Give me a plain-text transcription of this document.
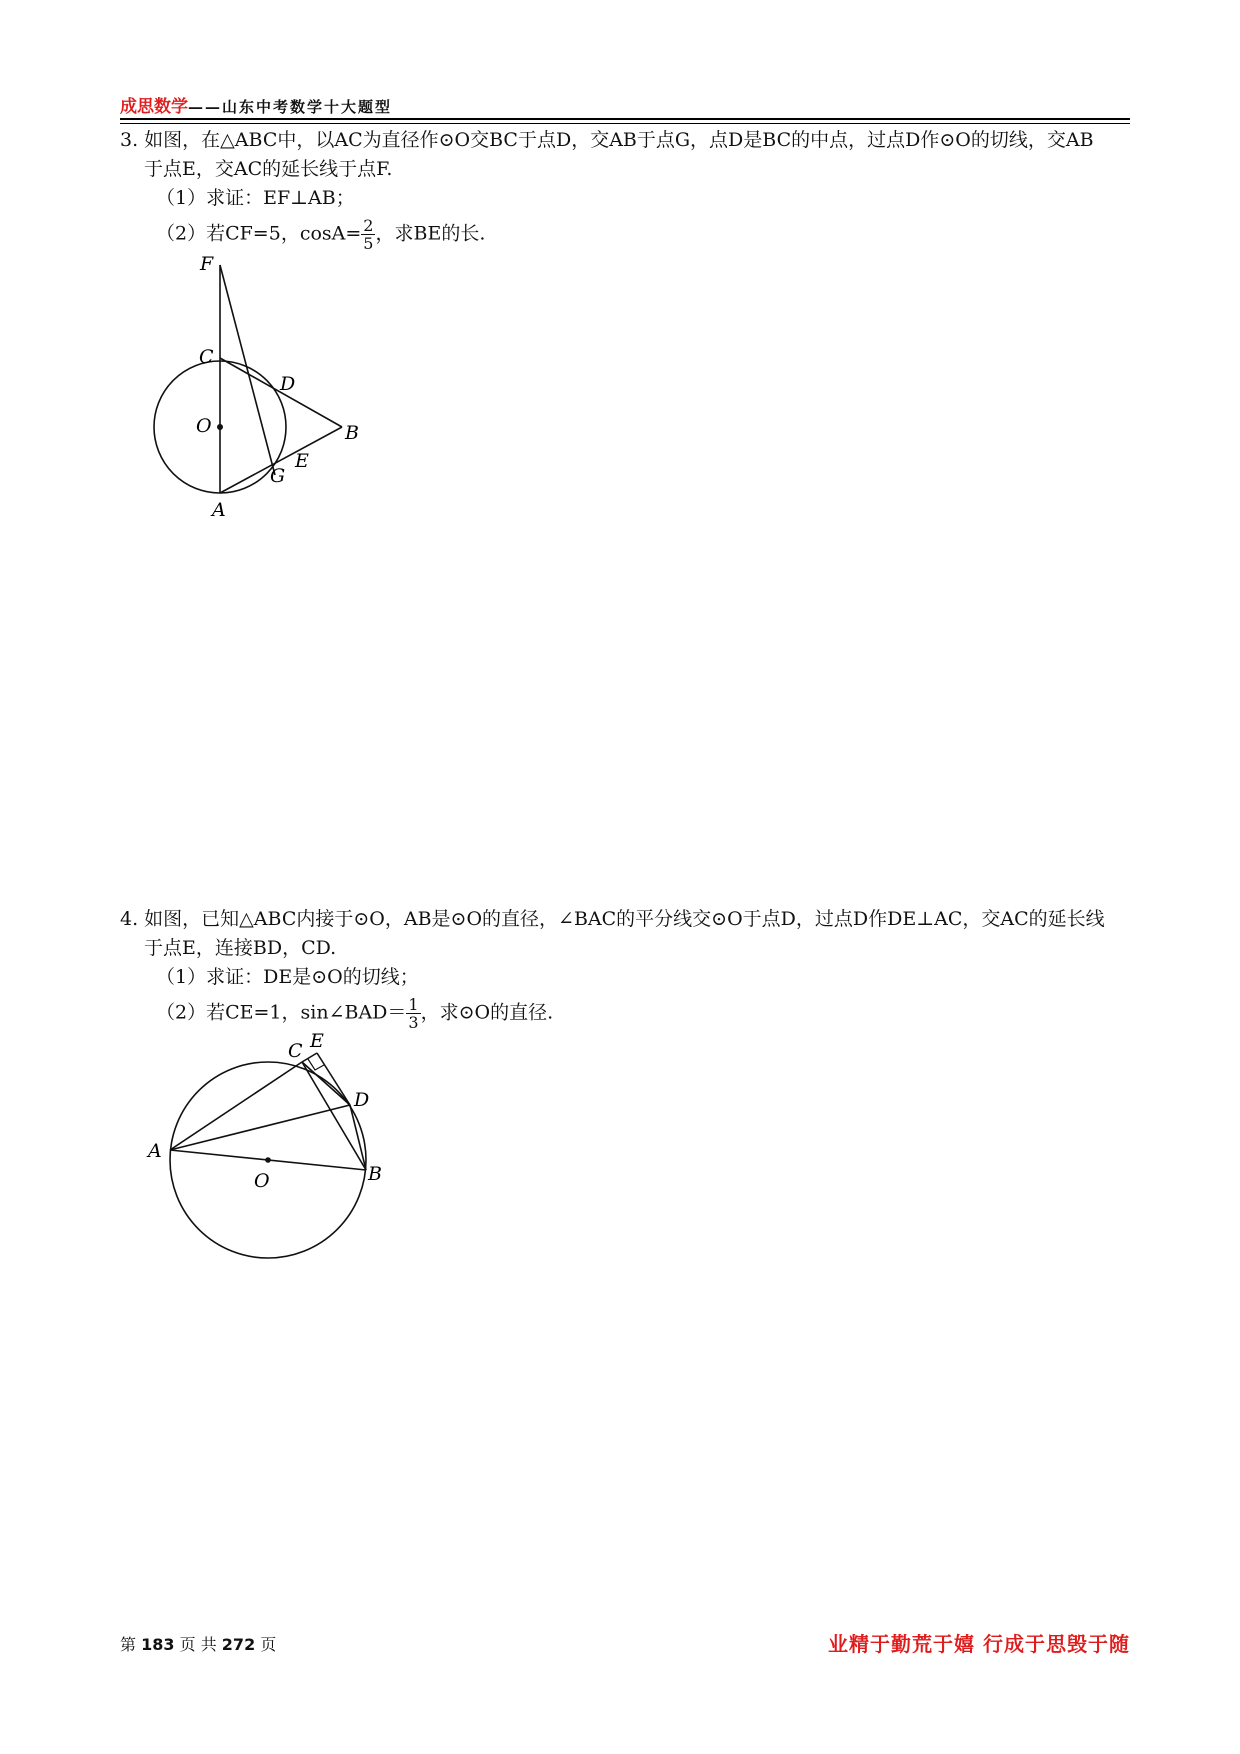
成思数学——山东中考数学十大题型

3. 如图，在△ABC中，以AC为直径作⊙O交BC于点D，交AB于点G，点D是BC的中点，过点D作⊙O的切线，交AB

于点E，交AC的延长线于点F.

（1）求证：EF⊥AB；

（2）若CF=5，$\cos A= \frac{2}{5}$ ，求BE的长.

F
C
D
O	B
E
G
A

4. 如图，已知△ABC内接于⊙O，AB是⊙O的直径，∠BAC的平分线交⊙O于点D，过点D作DE⊥AC，交AC的延长线

于点E，连接BD，CD.

（1）求证：DE是⊙O的切线；

（2）若CE=1，sin∠BAD＝ $\frac{1}{3}$ ，求⊙O的直径.

C E
D
A
O	B
第 183 页 共 272 页	业精于勤荒于嬉 行成于思毁于随
